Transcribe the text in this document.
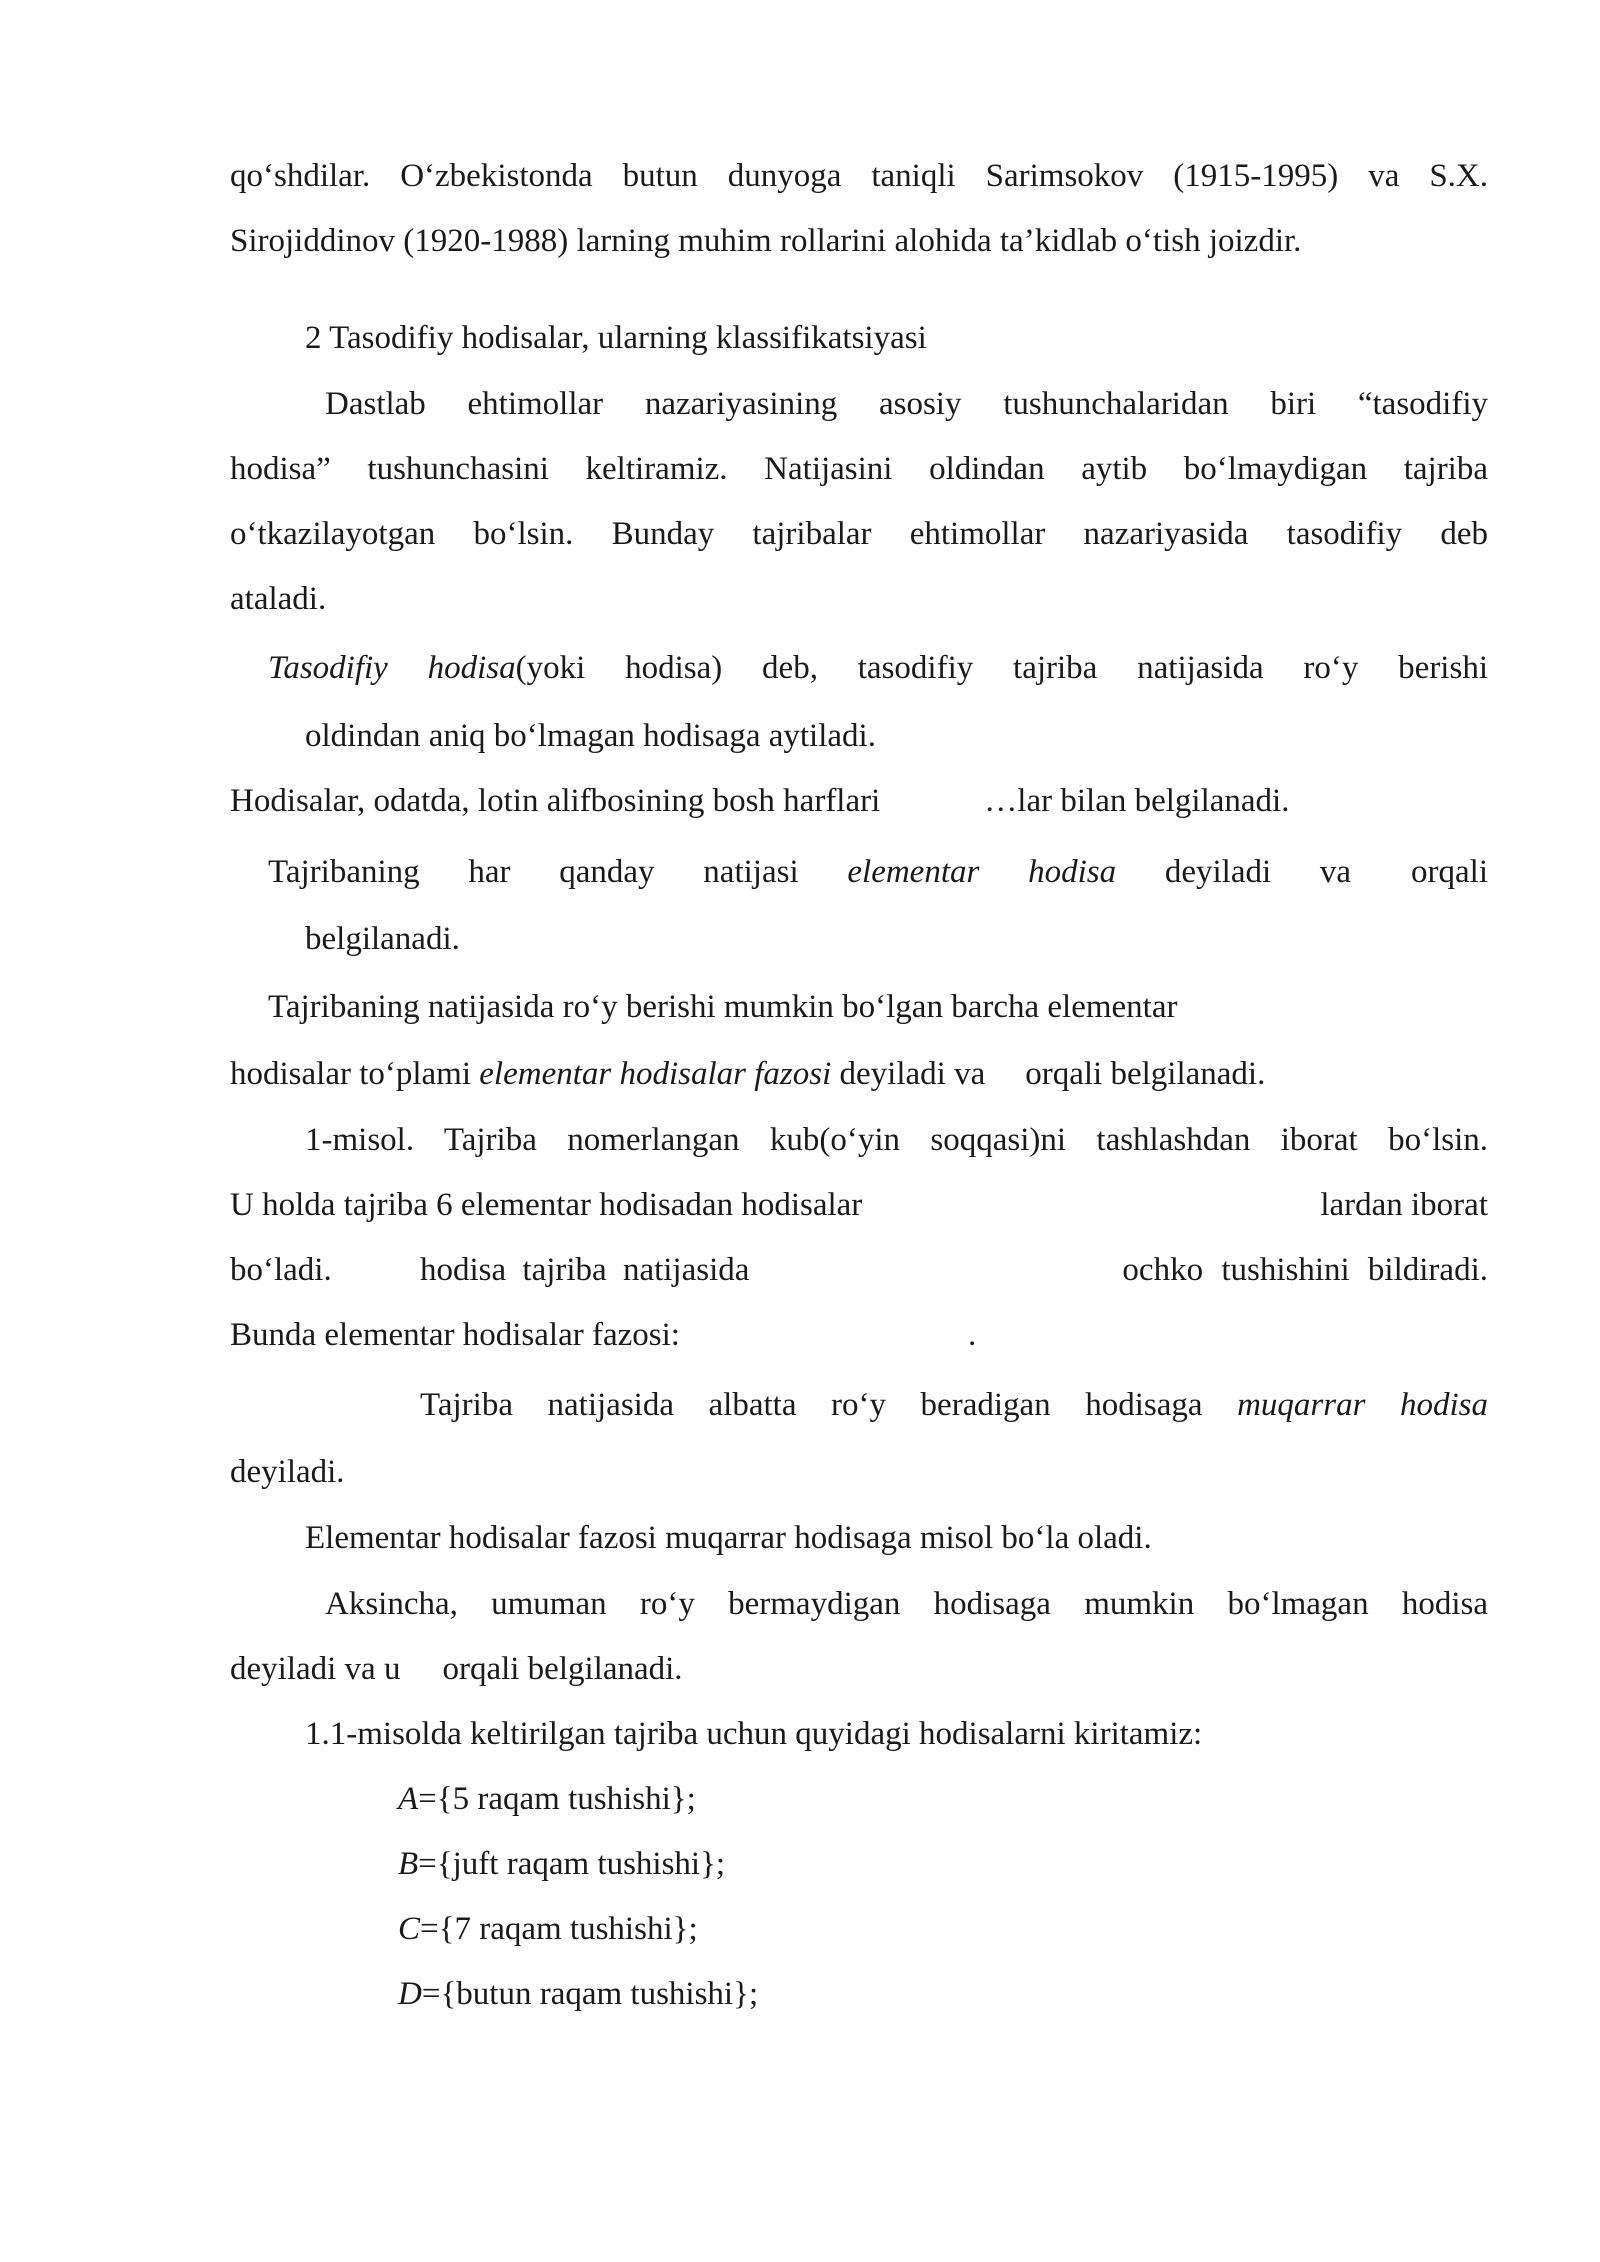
qo‘shdilar. O‘zbekistonda butun dunyoga taniqli Sarimsokov (1915-1995) va S.X.
Sirojiddinov (1920-1988) larning muhim rollarini alohida ta’kidlab o‘tish joizdir.
2 Tasodifiy hodisalar, ularning klassifikatsiyasi
Dastlab ehtimollar nazariyasining asosiy tushunchalaridan biri “tasodifiy
hodisa” tushunchasini keltiramiz. Natijasini oldindan aytib bo‘lmaydigan tajriba
o‘tkazilayotgan bo‘lsin. Bunday tajribalar ehtimollar nazariyasida tasodifiy deb
ataladi.
Tasodifiy hodisa(yoki hodisa) deb, tasodifiy tajriba natijasida ro‘y berishi
oldindan aniq bo‘lmagan hodisaga aytiladi.
Hodisalar, odatda, lotin alifbosining bosh harflari	…lar bilan belgilanadi.
Tajribaning har qanday natijasi elementar hodisa deyiladi va orqali
belgilanadi.
Tajribaning natijasida ro‘y berishi mumkin bo‘lgan barcha elementar
hodisalar to‘plami elementar hodisalar fazosi deyiladi va orqali belgilanadi.
1-misol. Tajriba nomerlangan kub(o‘yin soqqasi)ni tashlashdan iborat bo‘lsin.
U holda tajriba 6 elementar hodisadan hodisalar	lardan iborat
bo‘ladi.	hodisa tajriba natijasida	ochko tushishini bildiradi.
Bunda elementar hodisalar fazosi:	.
Tajriba natijasida albatta ro‘y beradigan hodisaga muqarrar hodisa
deyiladi.
Elementar hodisalar fazosi muqarrar hodisaga misol bo‘la oladi.
Aksincha, umuman ro‘y bermaydigan hodisaga mumkin bo‘lmagan hodisa
deyiladi va u orqali belgilanadi.
1.1-misolda keltirilgan tajriba uchun quyidagi hodisalarni kiritamiz:
A={5 raqam tushishi};
B={juft raqam tushishi};
C={7 raqam tushishi};
D={butun raqam tushishi};
